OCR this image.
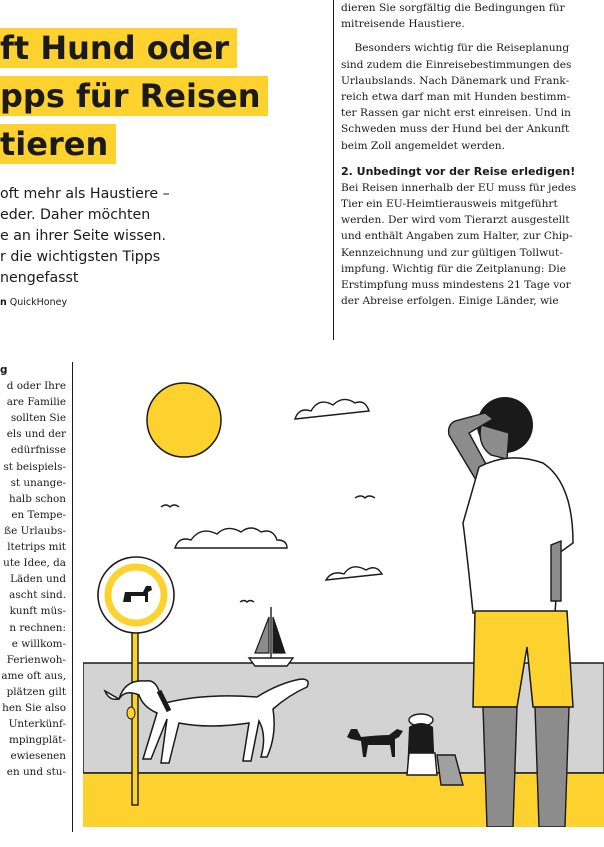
ft Hund oder
pps für Reisen
tieren
oft mehr als Haustiere –
eder. Daher möchten
e an ihrer Seite wissen.
r die wichtigsten Tipps
nengefasst
n QuickHoney
dieren Sie sorgfältig die Bedingungen für
mitreisende Haustiere.
Besonders wichtig für die Reiseplanung
sind zudem die Einreisebestimmungen des
Urlaubslands. Nach Dänemark und Frank-
reich etwa darf man mit Hunden bestimm-
ter Rassen gar nicht erst einreisen. Und in
Schweden muss der Hund bei der Ankunft
beim Zoll angemeldet werden.
2. Unbedingt vor der Reise erledigen!
Bei Reisen innerhalb der EU muss für jedes
Tier ein EU-Heimtierausweis mitgeführt
werden. Der wird vom Tierarzt ausgestellt
und enthält Angaben zum Halter, zur Chip-
Kennzeichnung und zur gültigen Tollwut-
impfung. Wichtig für die Zeitplanung: Die
Erstimpfung muss mindestens 21 Tage vor
der Abreise erfolgen. Einige Länder, wie
g
d oder Ihre
are Familie
sollten Sie
els und der
edürfnisse
st beispiels-
st unange-
halb schon
en Tempe-
ße Urlaubs-
ltetrips mit
ute Idee, da
Läden und
ascht sind.
kunft müs-
n rechnen:
e willkom-
Ferienwoh-
ame oft aus,
plätzen gilt
hen Sie also
Unterkünf-
mpingplät-
ewiesenen
en und stu-
